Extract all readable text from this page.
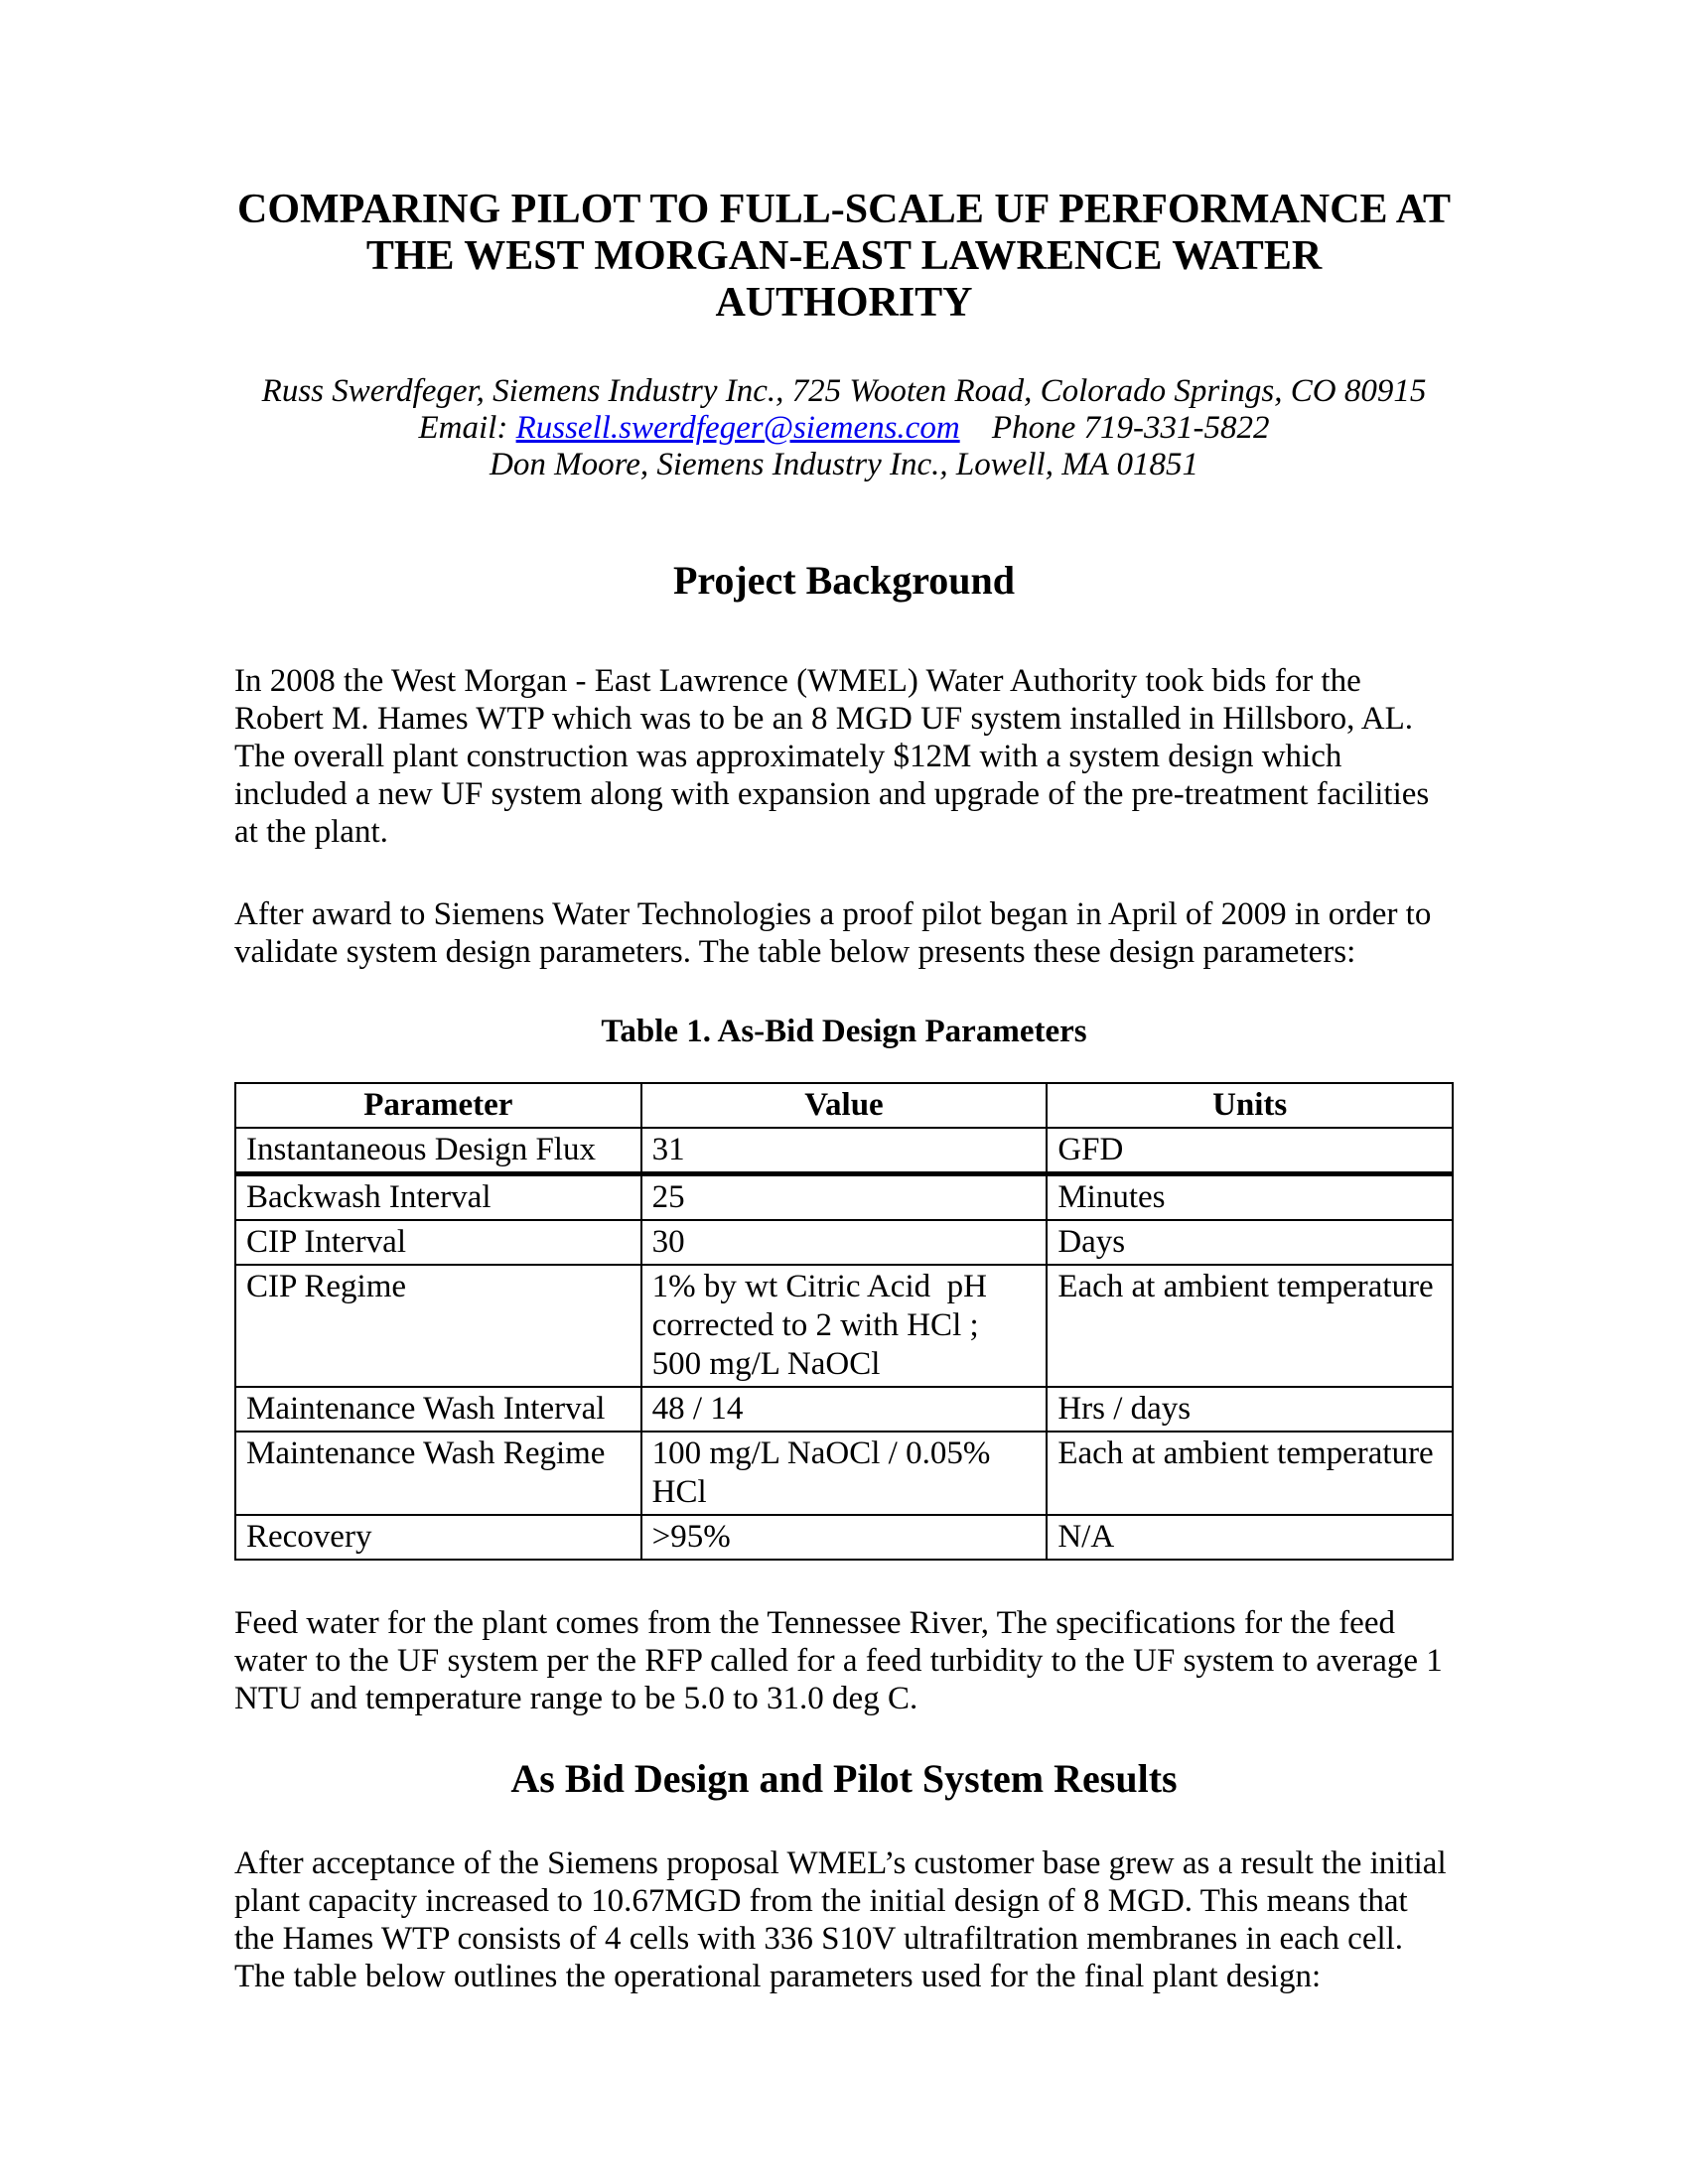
COMPARING PILOT TO FULL-SCALE UF PERFORMANCE AT
THE WEST MORGAN-EAST LAWRENCE WATER AUTHORITY
Russ Swerdfeger, Siemens Industry Inc., 725 Wooten Road, Colorado Springs, CO 80915
Email: Russell.swerdfeger@siemens.com Phone 719-331-5822
Don Moore, Siemens Industry Inc., Lowell, MA 01851
Project Background

In 2008 the West Morgan - East Lawrence (WMEL) Water Authority took bids for the Robert M. Hames WTP which was to be an 8 MGD UF system installed in Hillsboro, AL. The overall plant construction was approximately $12M with a system design which included a new UF system along with expansion and upgrade of the pre-treatment facilities at the plant.

After award to Siemens Water Technologies a proof pilot began in April of 2009 in order to validate system design parameters. The table below presents these design parameters:

Table 1. As-Bid Design Parameters
Parameter	Value	Units
Instantaneous Design Flux	31	GFD
Backwash Interval	25	Minutes
CIP Interval	30	Days
CIP Regime	1% by wt Citric Acid  pH corrected to 2 with HCl ; 500 mg/L NaOCl	Each at ambient temperature
Maintenance Wash Interval	48 / 14	Hrs / days
Maintenance Wash Regime	100 mg/L NaOCl / 0.05% HCl	Each at ambient temperature
Recovery	>95%	N/A

Feed water for the plant comes from the Tennessee River, The specifications for the feed water to the UF system per the RFP called for a feed turbidity to the UF system to average 1 NTU and temperature range to be 5.0 to 31.0 deg C.

As Bid Design and Pilot System Results

After acceptance of the Siemens proposal WMEL’s customer base grew as a result the initial plant capacity increased to 10.67MGD from the initial design of 8 MGD. This means that the Hames WTP consists of 4 cells with 336 S10V ultrafiltration membranes in each cell. The table below outlines the operational parameters used for the final plant design:
